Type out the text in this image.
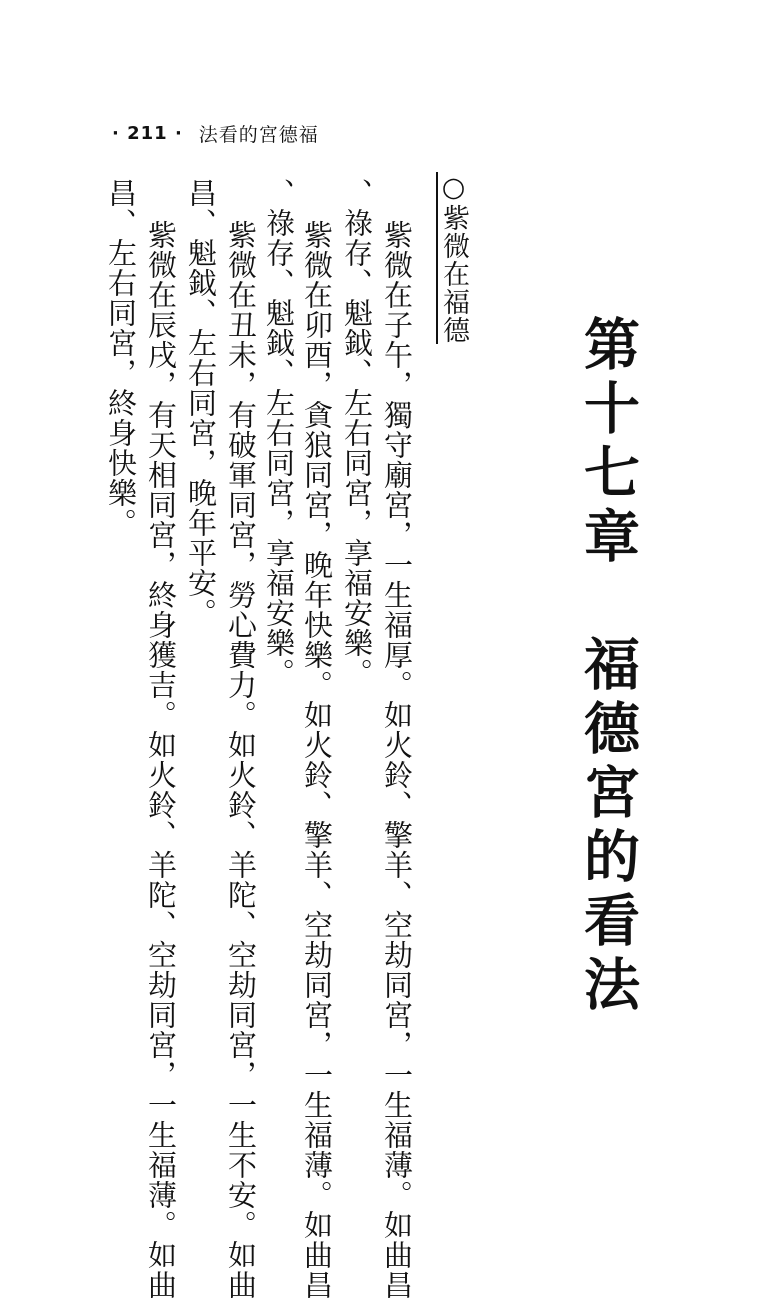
· 211 · 法看的宮德福
第十七章　福德宮的看法
○紫微在福德
紫微在子午，獨守廟宮，一生福厚。如火鈴、擎羊、空劫同宮，一生福薄。如曲昌
、祿存、魁鉞、左右同宮，享福安樂。
紫微在卯酉，貪狼同宮，晚年快樂。如火鈴、擎羊、空劫同宮，一生福薄。如曲昌
、祿存、魁鉞、左右同宮，享福安樂。
紫微在丑未，有破軍同宮，勞心費力。如火鈴、羊陀、空劫同宮，一生不安。如曲
昌、魁鉞、左右同宮，晚年平安。
紫微在辰戌，有天相同宮，終身獲吉。如火鈴、羊陀、空劫同宮，一生福薄。如曲
昌、左右同宮，終身快樂。
